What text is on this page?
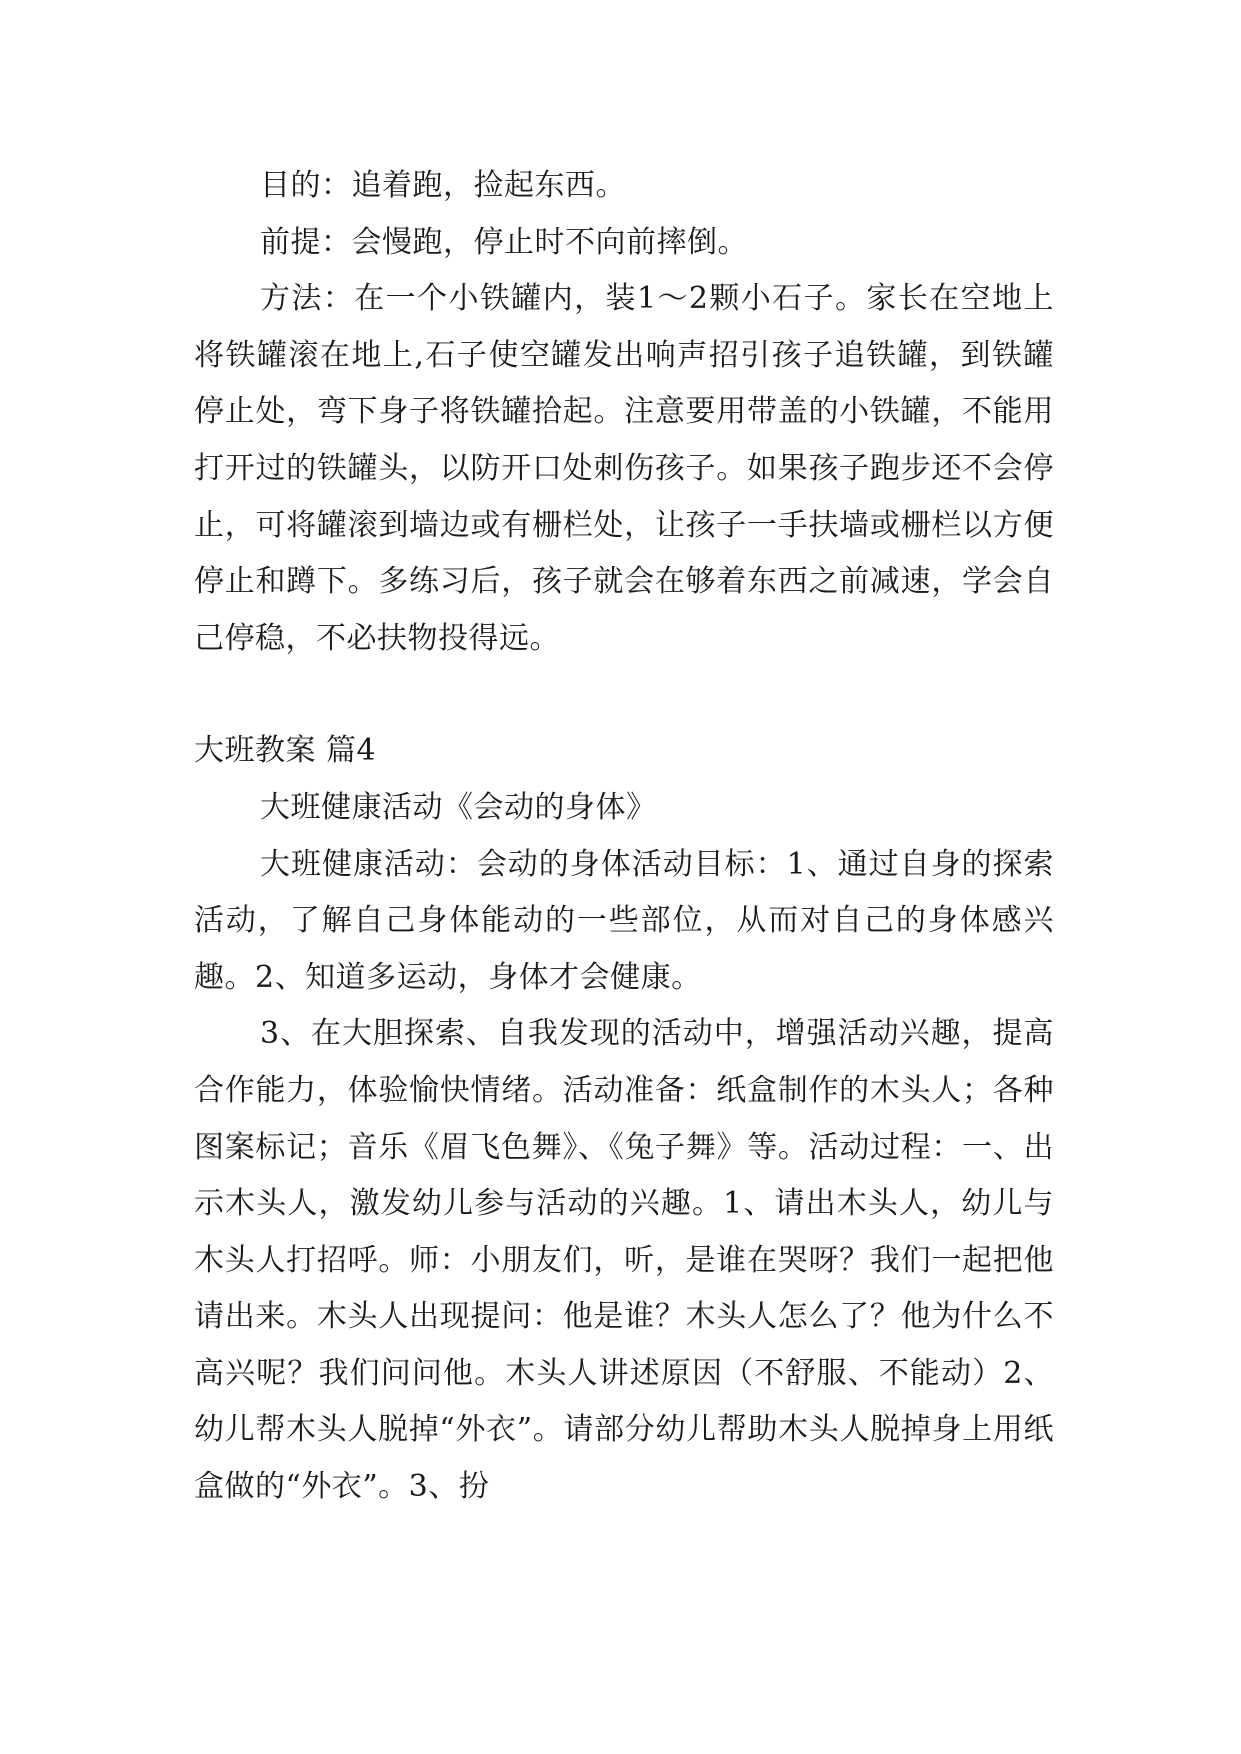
目的：追着跑，捡起东西。

前提：会慢跑，停止时不向前摔倒。

方法：在一个小铁罐内，装1～2颗小石子。家长在空地上将铁罐滚在地上,石子使空罐发出响声招引孩子追铁罐，到铁罐停止处，弯下身子将铁罐拾起。注意要用带盖的小铁罐，不能用打开过的铁罐头，以防开口处刺伤孩子。如果孩子跑步还不会停止，可将罐滚到墙边或有栅栏处，让孩子一手扶墙或栅栏以方便停止和蹲下。多练习后，孩子就会在够着东西之前减速，学会自己停稳，不必扶物投得远。

大班教案 篇4

大班健康活动《会动的身体》

大班健康活动：会动的身体活动目标：1、通过自身的探索活动，了解自己身体能动的一些部位，从而对自己的身体感兴趣。2、知道多运动，身体才会健康。

3、在大胆探索、自我发现的活动中，增强活动兴趣，提高合作能力，体验愉快情绪。活动准备：纸盒制作的木头人；各种图案标记；音乐《眉飞色舞》、《兔子舞》等。活动过程：一、出示木头人，激发幼儿参与活动的兴趣。1、请出木头人，幼儿与木头人打招呼。师：小朋友们，听，是谁在哭呀？我们一起把他请出来。木头人出现提问：他是谁？木头人怎么了？他为什么不高兴呢？我们问问他。木头人讲述原因（不舒服、不能动）2、幼儿帮木头人脱掉“外衣”。请部分幼儿帮助木头人脱掉身上用纸盒做的“外衣”。3、扮
